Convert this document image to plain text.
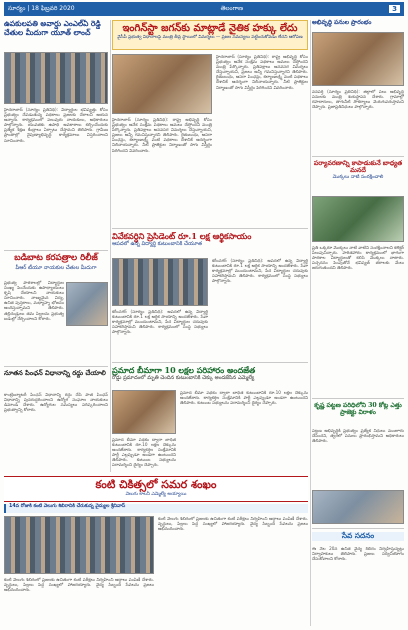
సూర్యం | 18 ఫిబ్రవరి 2020	తెలంగాణ	3
ఉపకులపతి అవార్డు ఎంఎల్ఏ రెడ్డి చేతుల మీదుగా యూత్ లాంచ్
హైదరాబాద్ (సూర్యం ప్రతినిధి): విద్యార్థుల భవిష్యత్తు కోసం ప్రభుత్వం చేపడుతున్న పథకాలు ప్రజలకు చేరాలని ఆయన అన్నారు. కార్యక్రమంలో పలువురు నాయకులు, అధికారులు పాల్గొన్నారు. యువతకు ఉపాధి అవకాశాలు కల్పించేందుకు ప్రత్యేక శిక్షణ కేంద్రాలు ఏర్పాటు చేస్తామని తెలిపారు. గ్రామీణ ప్రాంతాల్లో నైపుణ్యాభివృద్ధి కార్యక్రమాలు విస్తరించాలని సూచించారు.
బడిబాట కరపత్రాల రిలీజ్
పీఆర్ టీయూ నాయకుల చేతుల మీదుగా
ప్రభుత్వ పాఠశాలల్లో విద్యార్థుల సంఖ్య పెంచేందుకు ఉపాధ్యాయులు కృషి చేయాలని నాయకులు సూచించారు. నాణ్యమైన విద్య, ఉచిత పుస్తకాలు, మధ్యాహ్న భోజనం అందిస్తున్నామని తెలిపారు. తల్లిదండ్రులు తమ పిల్లలను ప్రభుత్వ బడుల్లో చేర్పించాలని కోరారు.
నూతన పింఛన్ విధానాన్ని రద్దు చేయాలి
కాంట్రిబ్యూటరీ పింఛన్ విధానాన్ని రద్దు చేసి పాత పింఛన్ విధానాన్ని పునరుద్ధరించాలని ఉద్యోగ సంఘాల నాయకులు డిమాండ్ చేశారు. ఉద్యోగుల సమస్యలు పరిష్కరించాలని ప్రభుత్వాన్ని కోరారు.
ఇంగిన్‌స్టా జగన్‌కు మాట్లాడే నైతిక హక్కు లేదు
వైసీపీ ప్రభుత్వ విధానాలపై మంత్రి తీవ్ర స్థాయిలో విమర్శలు — ప్రజల సమస్యలు పట్టించుకోవడం లేదని ఆరోపణ
హైదరాబాద్ (సూర్యం ప్రతినిధి): రాష్ట్ర అభివృద్ధి కోసం ప్రభుత్వం అనేక సంక్షేమ పథకాలు అమలు చేస్తోందని మంత్రి పేర్కొన్నారు. ప్రతిపక్షాలు అనవసర విమర్శలు చేస్తున్నాయని, ప్రజలు అన్నీ గమనిస్తున్నారని తెలిపారు. రైతుబంధు, ఆసరా పింఛన్లు, కల్యాణలక్ష్మి వంటి పథకాలు దేశానికే ఆదర్శంగా నిలిచాయన్నారు. నీటి ప్రాజెక్టుల నిర్మాణంతో సాగు విస్తీర్ణం పెరిగిందని వివరించారు.
హైదరాబాద్ (సూర్యం ప్రతినిధి): రాష్ట్ర అభివృద్ధి కోసం ప్రభుత్వం అనేక సంక్షేమ పథకాలు అమలు చేస్తోందని మంత్రి పేర్కొన్నారు. ప్రతిపక్షాలు అనవసర విమర్శలు చేస్తున్నాయని, ప్రజలు అన్నీ గమనిస్తున్నారని తెలిపారు. రైతుబంధు, ఆసరా పింఛన్లు, కల్యాణలక్ష్మి వంటి పథకాలు దేశానికే ఆదర్శంగా నిలిచాయన్నారు. నీటి ప్రాజెక్టుల నిర్మాణంతో సాగు విస్తీర్ణం పెరిగిందని వివరించారు.
వివేకవర్ధిని ప్రెసిడెంట్ రూ.1 లక్ష ఆర్థికసాయం
ఆపదలో ఉన్న విద్యార్థి కుటుంబానికి చేయూత
కరీంనగర్ (సూర్యం ప్రతినిధి): ఆపదలో ఉన్న విద్యార్థి కుటుంబానికి రూ.1 లక్ష ఆర్థిక సాయాన్ని అందజేశారు. సేవా కార్యక్రమాల్లో ముందుంటామని, పేద విద్యార్థుల చదువుకు సహకరిస్తామని తెలిపారు. కార్యక్రమంలో సంస్థ సభ్యులు పాల్గొన్నారు.
కరీంనగర్ (సూర్యం ప్రతినిధి): ఆపదలో ఉన్న విద్యార్థి కుటుంబానికి రూ.1 లక్ష ఆర్థిక సాయాన్ని అందజేశారు. సేవా కార్యక్రమాల్లో ముందుంటామని, పేద విద్యార్థుల చదువుకు సహకరిస్తామని తెలిపారు. కార్యక్రమంలో సంస్థ సభ్యులు పాల్గొన్నారు.
ప్రమాద బీమాగా 10 లక్షల పరిహారం అందజేత
రోడ్డు ప్రమాదంలో మృతి చెందిన కుటుంబానికి చెక్కు అందజేసిన ఎమ్మెల్యే
ప్రమాద బీమా పథకం ద్వారా బాధిత కుటుంబానికి రూ.10 లక్షల చెక్కును అందజేశారు. కార్యకర్తల సంక్షేమానికి పార్టీ ఎల్లప్పుడూ అండగా ఉంటుందని తెలిపారు. కుటుంబ సభ్యులను పరామర్శించి ధైర్యం చెప్పారు.
ప్రమాద బీమా పథకం ద్వారా బాధిత కుటుంబానికి రూ.10 లక్షల చెక్కును అందజేశారు. కార్యకర్తల సంక్షేమానికి పార్టీ ఎల్లప్పుడూ అండగా ఉంటుందని తెలిపారు. కుటుంబ సభ్యులను పరామర్శించి ధైర్యం చెప్పారు.
అభివృద్ధి పనుల ప్రారంభం
వనపర్తి (సూర్యం ప్రతినిధి): జిల్లాలో పలు అభివృద్ధి పనులకు మంత్రి శంకుస్థాపన చేశారు. గ్రామాల్లో రహదారులు, తాగునీటి సౌకర్యాలు మెరుగుపరుస్తామని చెప్పారు. ప్రజాప్రతినిధులు పాల్గొన్నారు.
పర్యావరణాన్ని కాపాడుకునే బాధ్యత మనదే
మొక్కలు నాటి సంరక్షించాలి
ప్రతి ఒక్కరూ మొక్కలు నాటి వాటిని సంరక్షించాలని కలెక్టర్ పిలుపునిచ్చారు. హరితహారం కార్యక్రమంలో భాగంగా పాఠశాల విద్యార్థులతో కలిసి మొక్కలు నాటారు. పచ్చదనం పెంపుతోనే భవిష్యత్ తరాలకు మేలు జరుగుతుందని తెలిపారు.
కృష్ణ పట్టణ పరిధిలోని 30 కోట్ల ఎత్తు ప్రాజెక్టు విరాళం
పట్టణ అభివృద్ధికి ప్రభుత్వం ప్రత్యేక నిధులు మంజూరు చేసిందని, త్వరలో పనులు ప్రారంభిస్తామని అధికారులు తెలిపారు.
సేవ సదనం
ఈ నెల 20న ఉచిత వైద్య శిబిరం నిర్వహిస్తున్నట్లు నిర్వాహకులు తెలిపారు. ప్రజలు సద్వినియోగం చేసుకోవాలని కోరారు.
కంటి చికిత్సలో సమర శంఖం
వెలుగు కాలనీ ఎమ్మెల్యే అయ్యాయి
14వ రోజుకి కంటి వెలుగు శిబిరానికి చేరుకున్న వైద్యుల శ్రీనివాస్
కంటి వెలుగు శిబిరంలో ప్రజలకు ఉచితంగా కంటి పరీక్షలు నిర్వహించి అద్దాలు పంపిణీ చేశారు. వృద్ధులు, పిల్లలు పెద్ద సంఖ్యలో హాజరయ్యారు. వైద్య సిబ్బంది సేవలను ప్రజలు అభినందించారు.
కంటి వెలుగు శిబిరంలో ప్రజలకు ఉచితంగా కంటి పరీక్షలు నిర్వహించి అద్దాలు పంపిణీ చేశారు. వృద్ధులు, పిల్లలు పెద్ద సంఖ్యలో హాజరయ్యారు. వైద్య సిబ్బంది సేవలను ప్రజలు అభినందించారు.
